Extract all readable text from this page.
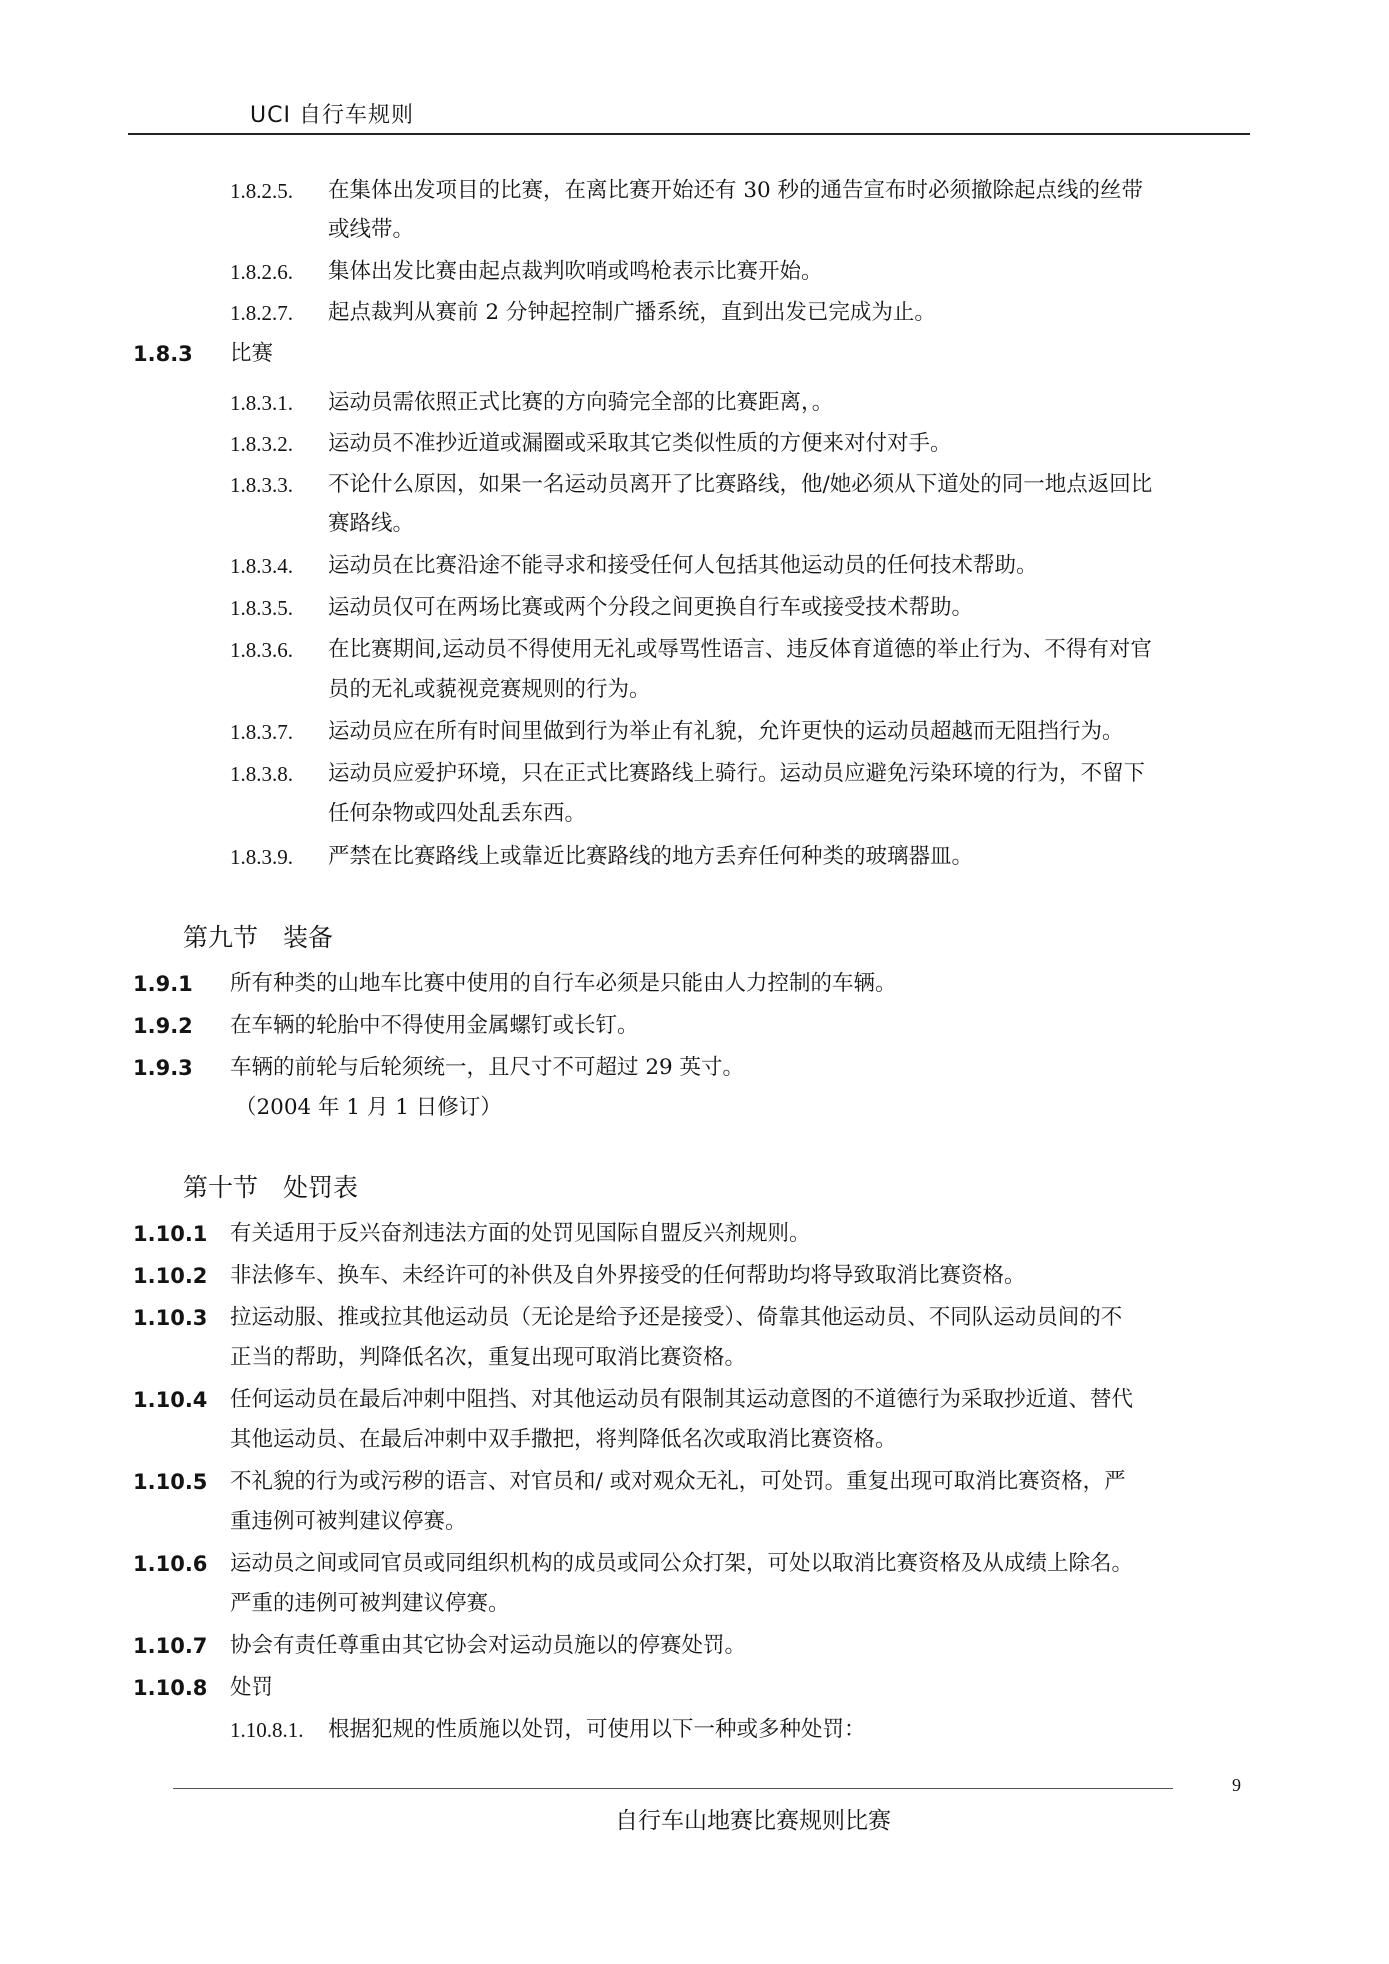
UCI 自行车规则
1.8.2.5. 在集体出发项目的比赛，在离比赛开始还有 30 秒的通告宣布时必须撤除起点线的丝带
或线带。
1.8.2.6. 集体出发比赛由起点裁判吹哨或鸣枪表示比赛开始。
1.8.2.7. 起点裁判从赛前 2 分钟起控制广播系统，直到出发已完成为止。
1.8.3 比赛
1.8.3.1. 运动员需依照正式比赛的方向骑完全部的比赛距离，。
1.8.3.2. 运动员不准抄近道或漏圈或采取其它类似性质的方便来对付对手。
1.8.3.3. 不论什么原因，如果一名运动员离开了比赛路线，他/她必须从下道处的同一地点返回比
赛路线。
1.8.3.4. 运动员在比赛沿途不能寻求和接受任何人包括其他运动员的任何技术帮助。
1.8.3.5. 运动员仅可在两场比赛或两个分段之间更换自行车或接受技术帮助。
1.8.3.6. 在比赛期间,运动员不得使用无礼或辱骂性语言、违反体育道德的举止行为、不得有对官
员的无礼或藐视竞赛规则的行为。
1.8.3.7. 运动员应在所有时间里做到行为举止有礼貌，允许更快的运动员超越而无阻挡行为。
1.8.3.8. 运动员应爱护环境，只在正式比赛路线上骑行。运动员应避免污染环境的行为，不留下
任何杂物或四处乱丢东西。
1.8.3.9. 严禁在比赛路线上或靠近比赛路线的地方丢弃任何种类的玻璃器皿。
第九节　装备
1.9.1 所有种类的山地车比赛中使用的自行车必须是只能由人力控制的车辆。
1.9.2 在车辆的轮胎中不得使用金属螺钉或长钉。
1.9.3 车辆的前轮与后轮须统一，且尺寸不可超过 29 英寸。
（2004 年 1 月 1 日修订）
第十节　处罚表
1.10.1 有关适用于反兴奋剂违法方面的处罚见国际自盟反兴剂规则。
1.10.2 非法修车、换车、未经许可的补供及自外界接受的任何帮助均将导致取消比赛资格。
1.10.3 拉运动服、推或拉其他运动员（无论是给予还是接受）、倚靠其他运动员、不同队运动员间的不
正当的帮助，判降低名次，重复出现可取消比赛资格。
1.10.4 任何运动员在最后冲刺中阻挡、对其他运动员有限制其运动意图的不道德行为采取抄近道、替代
其他运动员、在最后冲刺中双手撒把，将判降低名次或取消比赛资格。
1.10.5 不礼貌的行为或污秽的语言、对官员和/ 或对观众无礼，可处罚。重复出现可取消比赛资格，严
重违例可被判建议停赛。
1.10.6 运动员之间或同官员或同组织机构的成员或同公众打架，可处以取消比赛资格及从成绩上除名。
严重的违例可被判建议停赛。
1.10.7 协会有责任尊重由其它协会对运动员施以的停赛处罚。
1.10.8 处罚
1.10.8.1. 根据犯规的性质施以处罚，可使用以下一种或多种处罚：
9
自行车山地赛比赛规则比赛
